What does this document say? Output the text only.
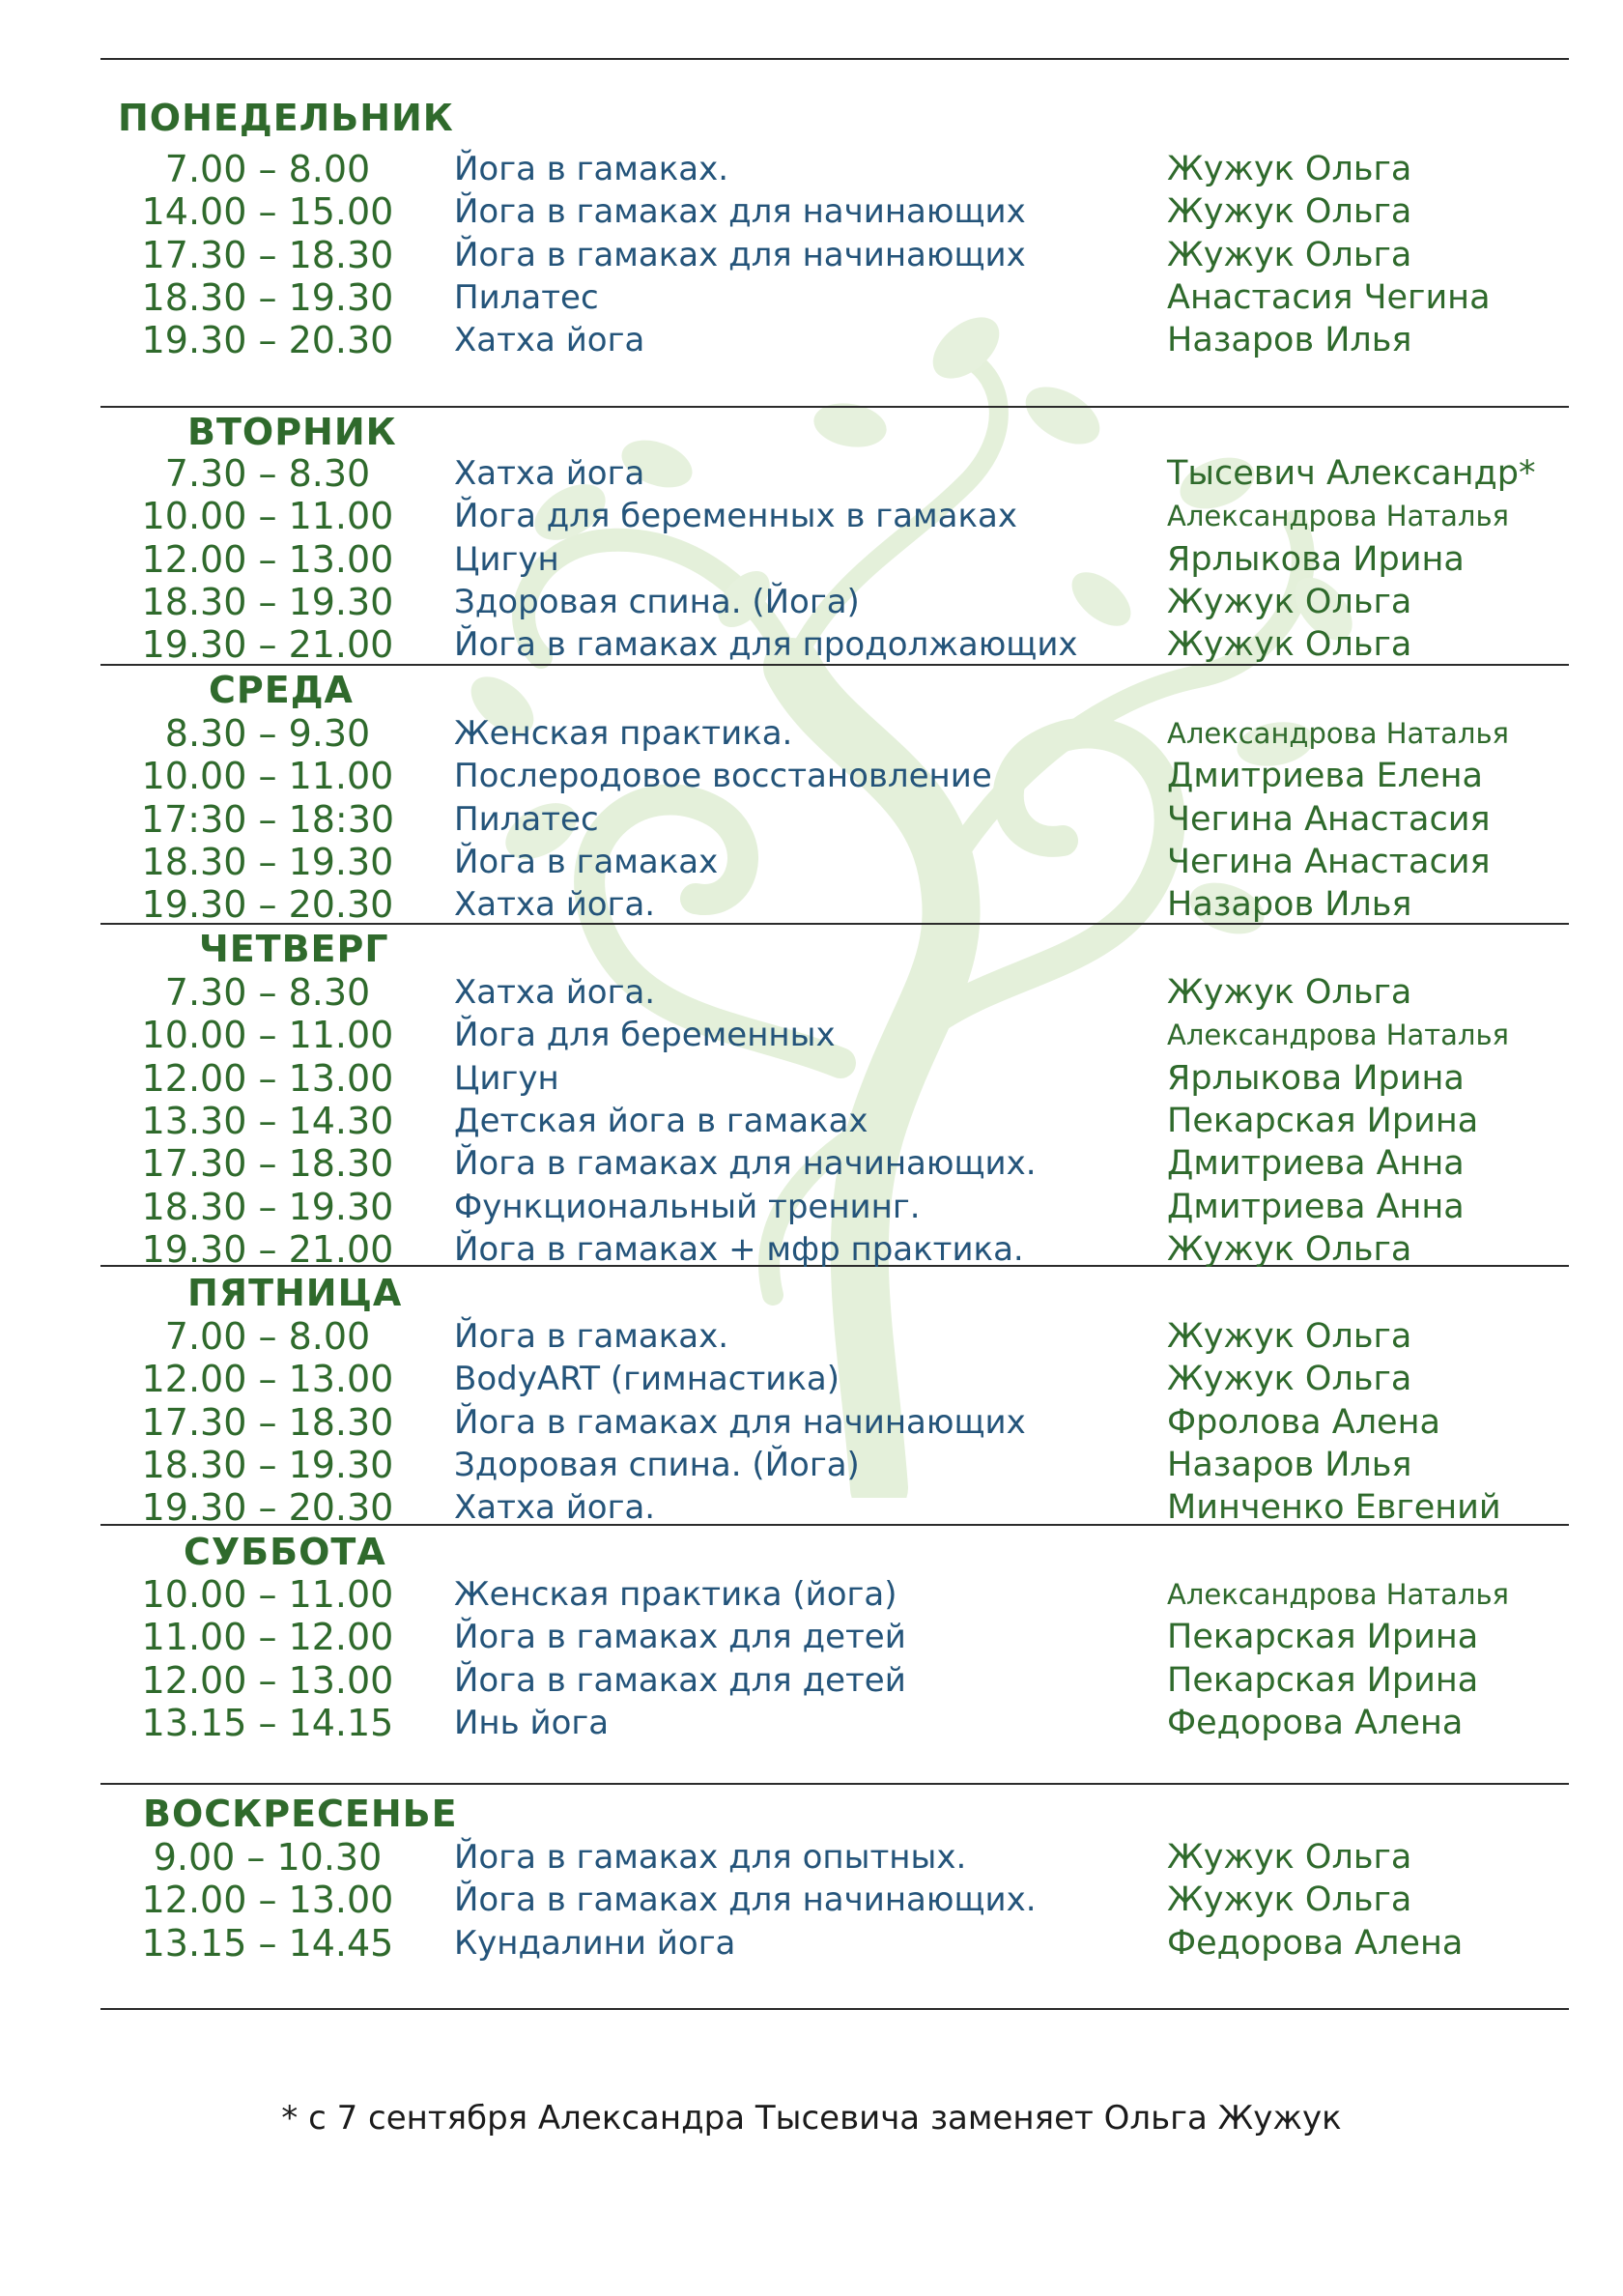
ПОНЕДЕЛЬНИК
7.00 – 8.00	Йога в гамаках.	Жужук Ольга
14.00 – 15.00	Йога в гамаках для начинающих	Жужук Ольга
17.30 – 18.30	Йога в гамаках для начинающих	Жужук Ольга
18.30 – 19.30	Пилатес	Анастасия Чегина
19.30 – 20.30	Хатха йога	Назаров Илья
ВТОРНИК
7.30 – 8.30	Хатха йога	Тысевич Александр*
10.00 – 11.00	Йога для беременных в гамаках	Александрова Наталья
12.00 – 13.00	Цигун	Ярлыкова Ирина
18.30 – 19.30	Здоровая спина. (Йога)	Жужук Ольга
19.30 – 21.00	Йога в гамаках для продолжающих	Жужук Ольга
СРЕДА
8.30 – 9.30	Женская практика.	Александрова Наталья
10.00 – 11.00	Послеродовое восстановление	Дмитриева Елена
17:30 – 18:30	Пилатес	Чегина Анастасия
18.30 – 19.30	Йога в гамаках	Чегина Анастасия
19.30 – 20.30	Хатха йога.	Назаров Илья
ЧЕТВЕРГ
7.30 – 8.30	Хатха йога.	Жужук Ольга
10.00 – 11.00	Йога для беременных	Александрова Наталья
12.00 – 13.00	Цигун	Ярлыкова Ирина
13.30 – 14.30	Детская йога в гамаках	Пекарская Ирина
17.30 – 18.30	Йога в гамаках для начинающих.	Дмитриева Анна
18.30 – 19.30	Функциональный тренинг.	Дмитриева Анна
19.30 – 21.00	Йога в гамаках + мфр практика.	Жужук Ольга
ПЯТНИЦА
7.00 – 8.00	Йога в гамаках.	Жужук Ольга
12.00 – 13.00	BodyART (гимнастика)	Жужук Ольга
17.30 – 18.30	Йога в гамаках для начинающих	Фролова Алена
18.30 – 19.30	Здоровая спина. (Йога)	Назаров Илья
19.30 – 20.30	Хатха йога.	Минченко Евгений
СУББОТА
10.00 – 11.00	Женская практика (йога)	Александрова Наталья
11.00 – 12.00	Йога в гамаках для детей	Пекарская Ирина
12.00 – 13.00	Йога в гамаках для детей	Пекарская Ирина
13.15 – 14.15	Инь йога	Федорова Алена
ВОСКРЕСЕНЬЕ
9.00 – 10.30	Йога в гамаках для опытных.	Жужук Ольга
12.00 – 13.00	Йога в гамаках для начинающих.	Жужук Ольга
13.15 – 14.45	Кундалини йога	Федорова Алена
* с 7 сентября Александра Тысевича заменяет Ольга Жужук
